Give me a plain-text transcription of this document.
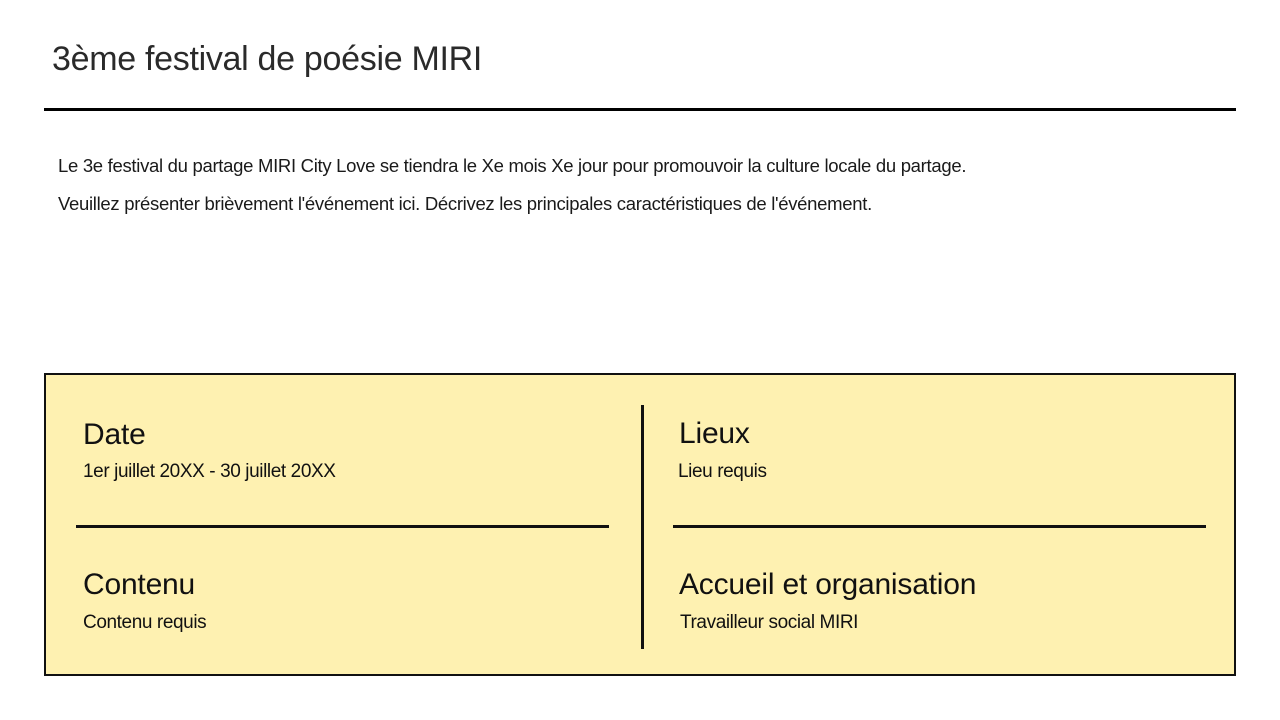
3ème festival de poésie MIRI
Le 3e festival du partage MIRI City Love se tiendra le Xe mois Xe jour pour promouvoir la culture locale du partage.
Veuillez présenter brièvement l'événement ici. Décrivez les principales caractéristiques de l'événement.
Date
1er juillet 20XX - 30 juillet 20XX
Lieux
Lieu requis
Contenu
Contenu requis
Accueil et organisation
Travailleur social MIRI
